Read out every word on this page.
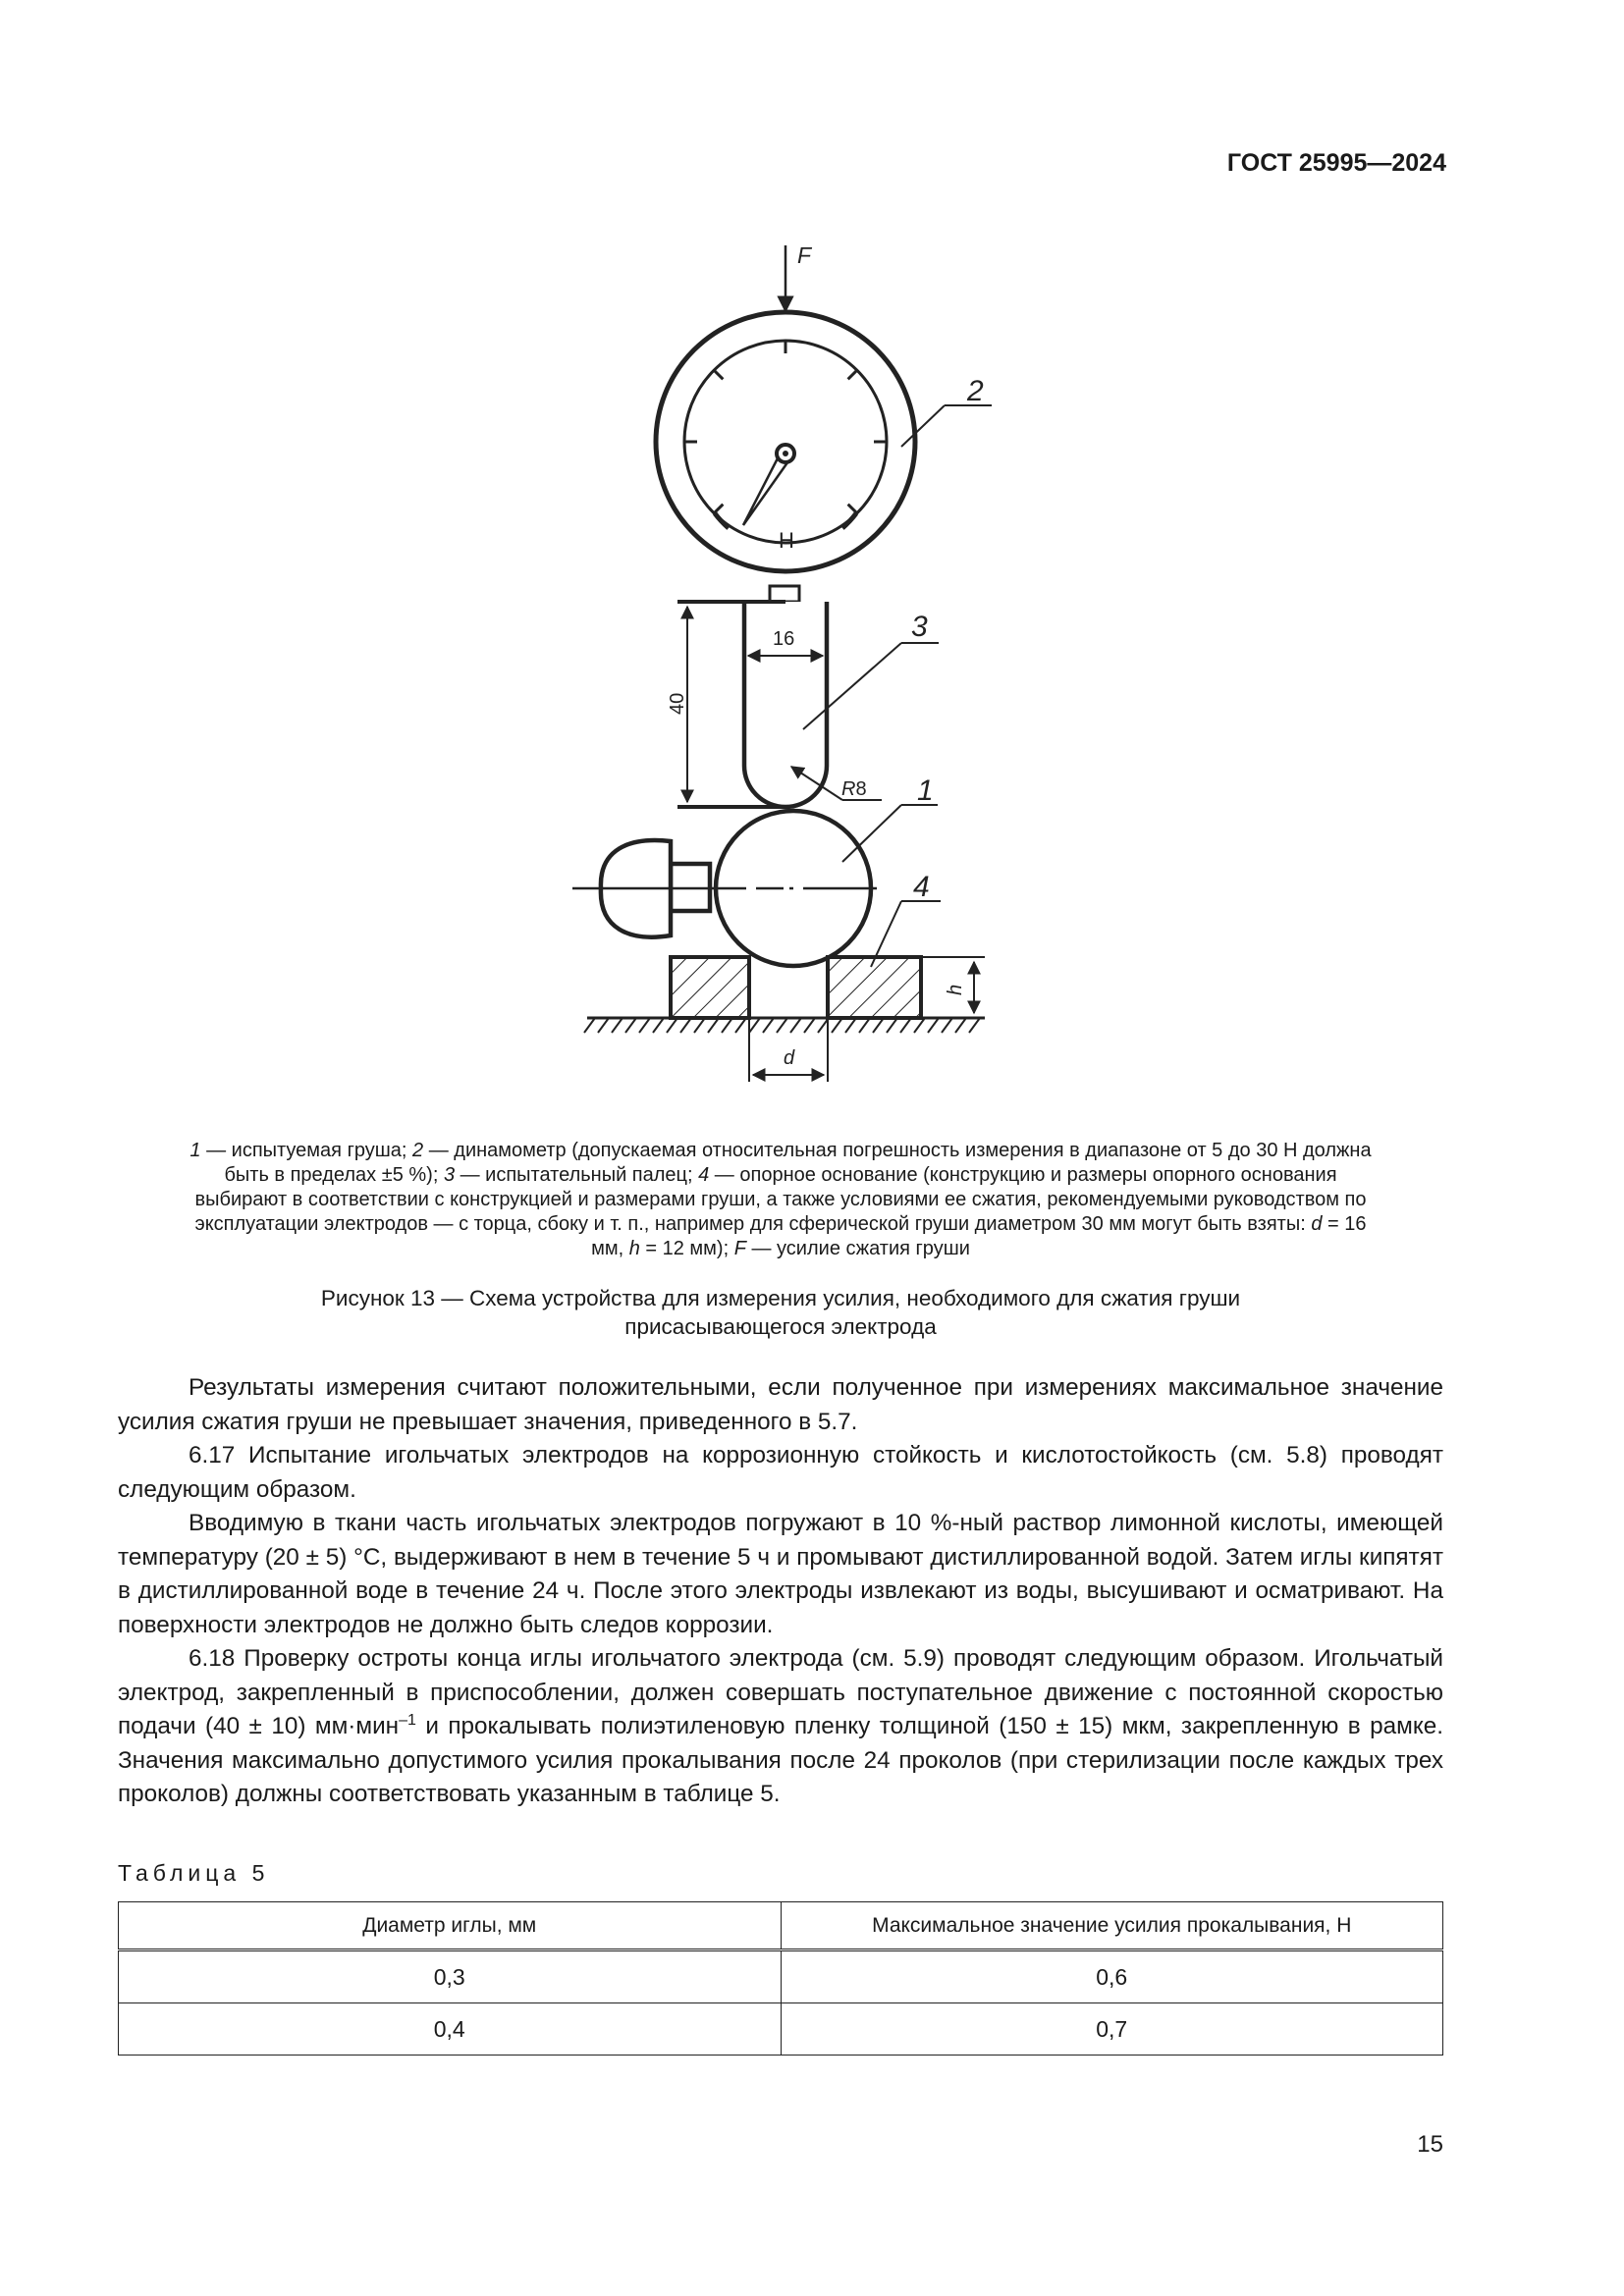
ГОСТ 25995—2024
F
Н
2
40
16	3
R8 1
4
h
d
1 — испытуемая груша; 2 — динамометр (допускаемая относительная погрешность измерения в диапазоне от 5 до 30 Н должна быть в пределах ±5 %); 3 — испытательный палец; 4 — опорное основание (конструкцию и размеры опорного основания выбирают в соответствии с конструкцией и размерами груши, а также условиями ее сжатия, рекомендуемыми руководством по эксплуатации электродов — с торца, сбоку и т. п., например для сферической груши диаметром 30 мм могут быть взяты: d = 16 мм, h = 12 мм); F — усилие сжатия груши
Рисунок 13 — Схема устройства для измерения усилия, необходимого для сжатия груши
присасывающегося электрода

Результаты измерения считают положительными, если полученное при измерениях максимальное значение усилия сжатия груши не превышает значения, приведенного в 5.7.

6.17 Испытание игольчатых электродов на коррозионную стойкость и кислотостойкость (см. 5.8) проводят следующим образом.

Вводимую в ткани часть игольчатых электродов погружают в 10 %-ный раствор лимонной кислоты, имеющей температуру (20 ± 5) °С, выдерживают в нем в течение 5 ч и промывают дистиллированной водой. Затем иглы кипятят в дистиллированной воде в течение 24 ч. После этого электроды извлекают из воды, высушивают и осматривают. На поверхности электродов не должно быть следов коррозии.

6.18 Проверку остроты конца иглы игольчатого электрода (см. 5.9) проводят следующим образом. Игольчатый электрод, закрепленный в приспособлении, должен совершать поступательное движение с постоянной скоростью подачи (40 ± 10) мм·мин$^{-1}$ и прокалывать полиэтиленовую пленку толщиной (150 ± 15) мкм, закрепленную в рамке. Значения максимально допустимого усилия прокалывания после 24 проколов (при стерилизации после каждых трех проколов) должны соответствовать указанным в таблице 5.

Таблица 5
Диаметр иглы, мм	Максимальное значение усилия прокалывания, Н
0,3	0,6
0,4	0,7
15
